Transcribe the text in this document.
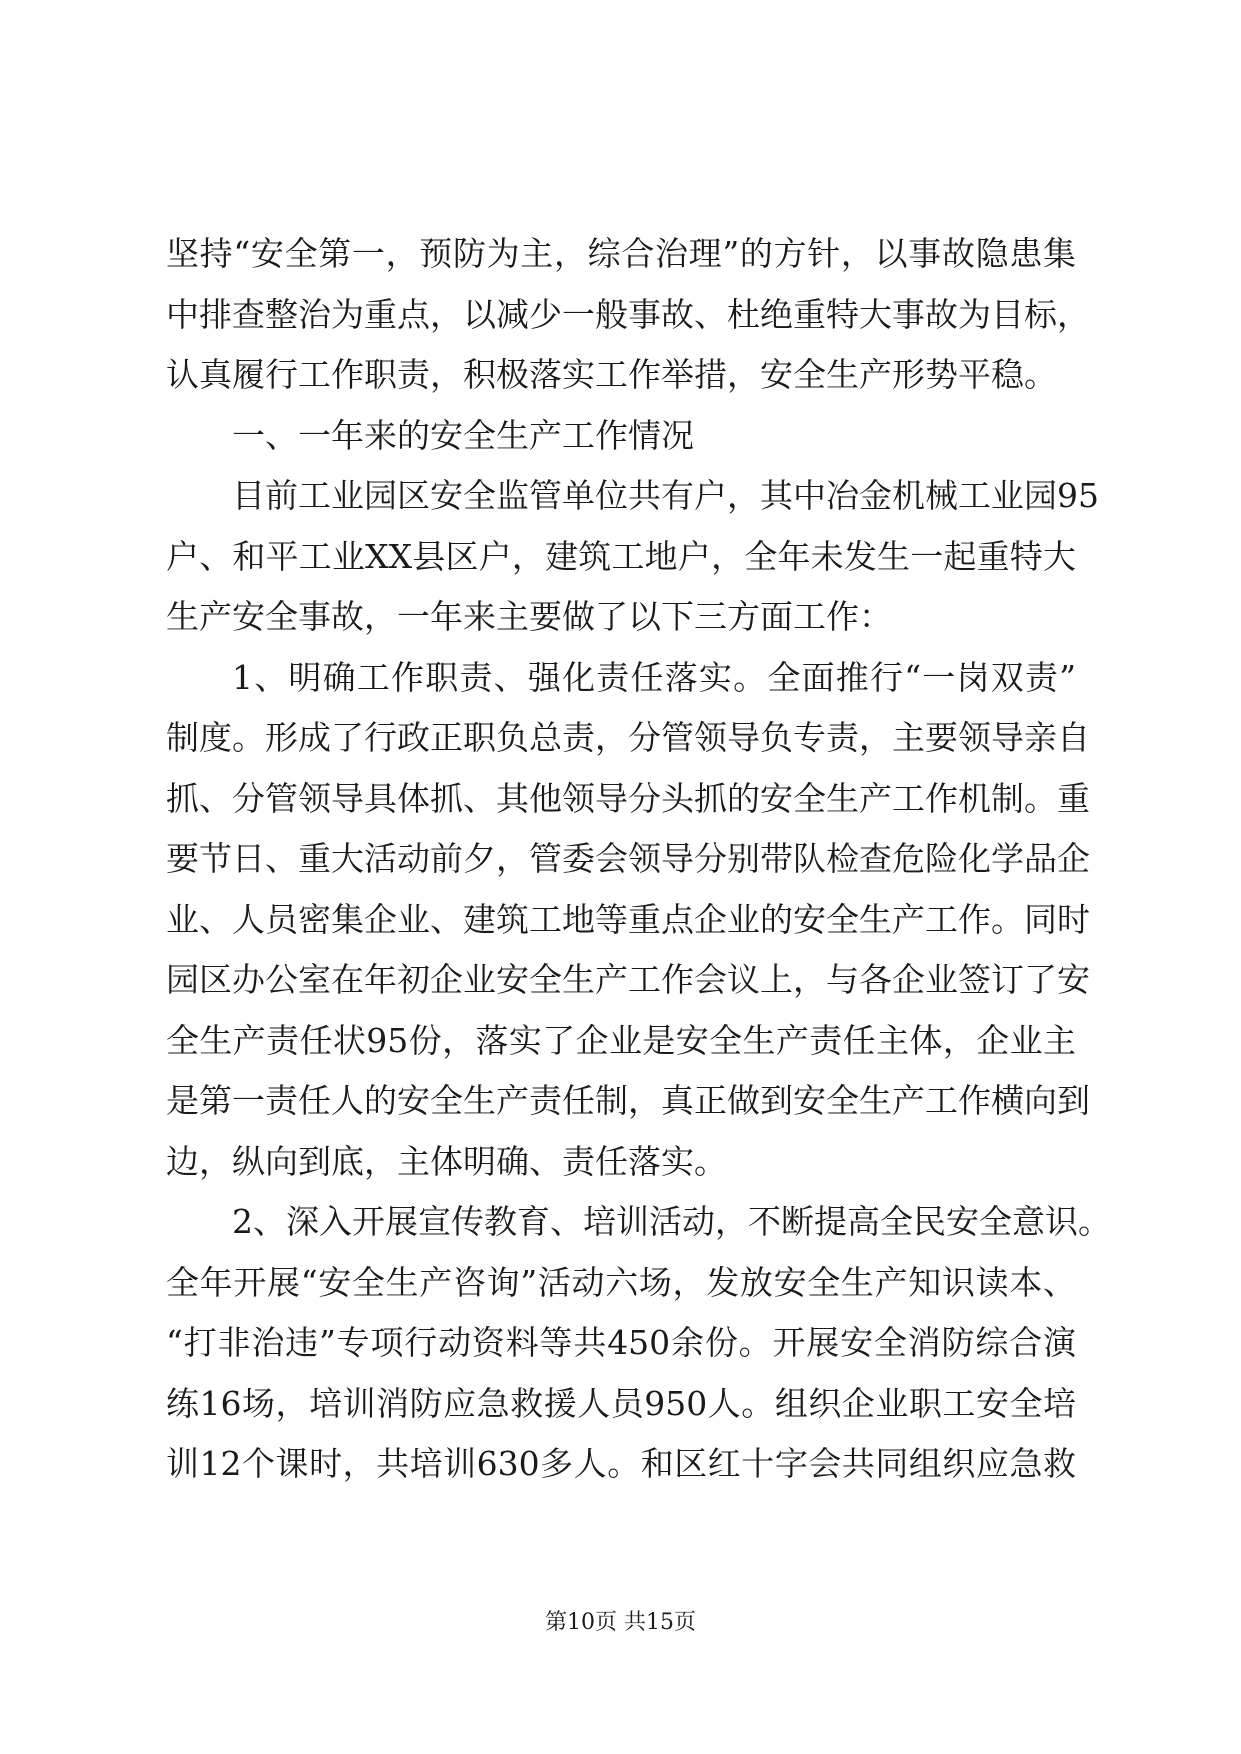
坚持“安全第一，预防为主，综合治理”的方针，以事故隐患集
中排查整治为重点，以减少一般事故、杜绝重特大事故为目标，
认真履行工作职责，积极落实工作举措，安全生产形势平稳。
一、一年来的安全生产工作情况
目前工业园区安全监管单位共有户，其中冶金机械工业园95
户、和平工业XX县区户，建筑工地户，全年未发生一起重特大
生产安全事故，一年来主要做了以下三方面工作：
1、明确工作职责、强化责任落实。全面推行“一岗双责”
制度。形成了行政正职负总责，分管领导负专责，主要领导亲自
抓、分管领导具体抓、其他领导分头抓的安全生产工作机制。重
要节日、重大活动前夕，管委会领导分别带队检查危险化学品企
业、人员密集企业、建筑工地等重点企业的安全生产工作。同时
园区办公室在年初企业安全生产工作会议上，与各企业签订了安
全生产责任状95份，落实了企业是安全生产责任主体，企业主
是第一责任人的安全生产责任制，真正做到安全生产工作横向到
边，纵向到底，主体明确、责任落实。
2、深入开展宣传教育、培训活动，不断提高全民安全意识。
全年开展“安全生产咨询”活动六场，发放安全生产知识读本、
“打非治违”专项行动资料等共450余份。开展安全消防综合演
练16场，培训消防应急救援人员950人。组织企业职工安全培
训12个课时，共培训630多人。和区红十字会共同组织应急救
第10页 共15页
